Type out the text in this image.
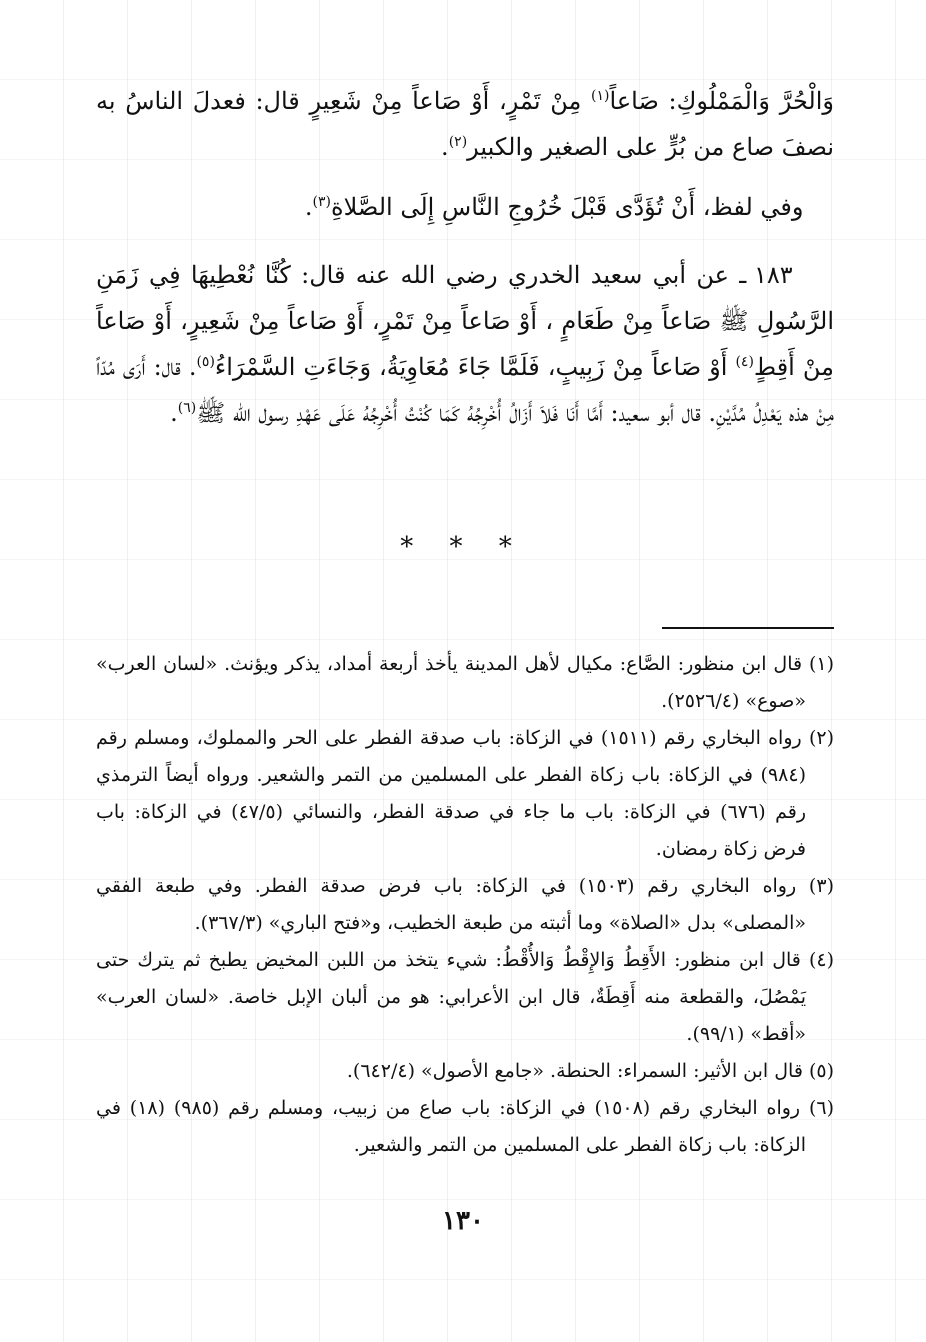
وَالْحُرَّ وَالْمَمْلُوكِ: صَاعاً$^{(١)}$ مِنْ تَمْرٍ، أَوْ صَاعاً مِنْ شَعِيرٍ قال: فعدلَ الناسُ به نصفَ صاع من بُرٍّ على الصغير والكبير$^{(٢)}$.

وفي لفظ، أَنْ تُؤَدَّى قَبْلَ خُرُوجِ النَّاسِ إِلَى الصَّلاةِ$^{(٣)}$.

١٨٣ ـ عن أبي سعيد الخدري رضي الله عنه قال: كُنَّا نُعْطِيهَا فِي زَمَنِ الرَّسُولِ ﷺ صَاعاً مِنْ طَعَامٍ ، أَوْ صَاعاً مِنْ تَمْرٍ، أَوْ صَاعاً مِنْ شَعِيرٍ، أَوْ صَاعاً مِنْ أَقِطٍ$^{(٤)}$ أَوْ صَاعاً مِنْ زَبِيبٍ، فَلَمَّا جَاءَ مُعَاوِيَةُ، وَجَاءَتِ السَّمْرَاءُ$^{(٥)}$. قال: أَرَى مُدّاً مِنْ هذه يَعْدِلُ مُدَّيْنِ. قال أبو سعيد: أَمَّا أَنَا فَلاَ أَزَالُ أُخْرِجُهُ كَمَا كُنْتُ أُخْرِجُهُ عَلَى عَهْدِ رسول الله ﷺ$^{(٦)}$.

* * *

(١) قال ابن منظور: الصَّاع: مكيال لأهل المدينة يأخذ أربعة أمداد، يذكر ويؤنث. «لسان العرب» «صوع» (٢٥٢٦/٤).

(٢) رواه البخاري رقم (١٥١١) في الزكاة: باب صدقة الفطر على الحر والمملوك، ومسلم رقم (٩٨٤) في الزكاة: باب زكاة الفطر على المسلمين من التمر والشعير. ورواه أيضاً الترمذي رقم (٦٧٦) في الزكاة: باب ما جاء في صدقة الفطر، والنسائي (٤٧/٥) في الزكاة: باب فرض زكاة رمضان.

(٣) رواه البخاري رقم (١٥٠٣) في الزكاة: باب فرض صدقة الفطر. وفي طبعة الفقي «المصلى» بدل «الصلاة» وما أثبته من طبعة الخطيب، و«فتح الباري» (٣٦٧/٣).

(٤) قال ابن منظور: الأَقِطُ وَالإِقْطُ وَالأُقْطُ: شيء يتخذ من اللبن المخيض يطبخ ثم يترك حتى يَمْصُلَ، والقطعة منه أَقِطَةٌ، قال ابن الأعرابي: هو من ألبان الإبل خاصة. «لسان العرب» «أقط» (٩٩/١).

(٥) قال ابن الأثير: السمراء: الحنطة. «جامع الأصول» (٦٤٢/٤).

(٦) رواه البخاري رقم (١٥٠٨) في الزكاة: باب صاع من زبيب، ومسلم رقم (٩٨٥) (١٨) في الزكاة: باب زكاة الفطر على المسلمين من التمر والشعير.

١٣٠
